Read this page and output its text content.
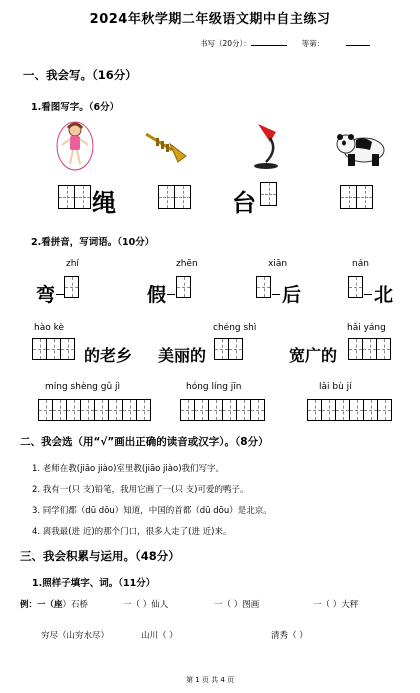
2024年秋学期二年级语文期中自主练习
书写（20分）：	等第：
一、我会写。（16分）
1.看图写字。（6分）
绳	台
2.看拼音，写词语。（10分）
zhí	zhēn	xiān	nán
弯	假	后	北
hào kè	chéng shì	hǎi yáng
的老乡 美丽的	宽广的
míng shèng gǔ jì	hóng líng jīn	lǎi bù jí
二、我会选（用“√”画出正确的读音或汉字）。（8分）
1. 老师在教(jiāo jiào)室里教(jiāo jiào)我们写字。
2. 我有一(只 支)铅笔，我用它画了一(只 支)可爱的鸭子。
3. 同学们都（dū dōu）知道，中国的首都（dū dōu）是北京。
4. 离我最(进 近)的那个门口，很多人走了(进 近)来。
三、我会积累与运用。（48分）
1.照样子填字、词。（11分）
例：一（座）石桥	一（ ）仙人	一（ ）图画	一（ ）大秤
穷尽（山穷水尽）	山川（ ）	清秀（ ）
第 1 页 共 4 页
